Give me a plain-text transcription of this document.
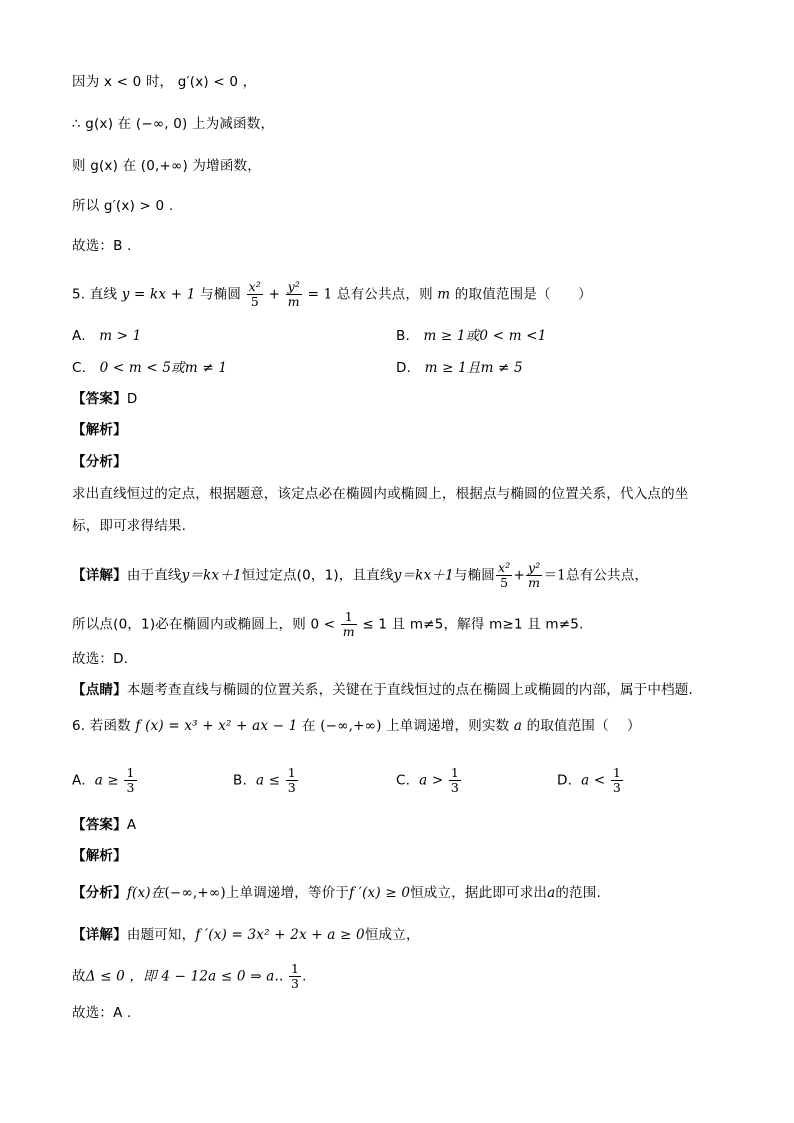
因为 x < 0 时， g′(x) < 0 ，
∴ g(x) 在 (−∞, 0) 上为减函数，
则 g(x) 在 (0,+∞) 为增函数，
所以 g′(x) > 0 .
故选：B .
5. 直线 y = kx + 1 与椭圆 $\frac{\text{x²}}{5} + \frac{\text{y²}}{m} = 1$ 总有公共点，则 m 的取值范围是（　　）
A. m > 1	B. m ≥ 1或0 < m <1
C. 0 < m < 5或m ≠ 1	D. m ≥ 1且m ≠ 5
【答案】D
【解析】
【分析】
求出直线恒过的定点，根据题意，该定点必在椭圆内或椭圆上，根据点与椭圆的位置关系，代入点的坐
标，即可求得结果.
【详解】由于直线y＝kx＋1恒过定点(0，1)，且直线y＝kx＋1与椭圆 $\frac{\text{x²}}{5} + \frac{\text{y²}}{m} =1$总有公共点，
所以点(0，1)必在椭圆内或椭圆上，则 $0 < \frac{1}{m} \le 1$ 且 m≠5，解得 m≥1 且 m≠5.
故选：D.
【点睛】本题考查直线与椭圆的位置关系，关键在于直线恒过的点在椭圆上或椭圆的内部，属于中档题.
6. 若函数 f (x) = x³ + x² + ax − 1 在 (−∞,+∞) 上单调递增，则实数 a 的取值范围（　 ）
A. $a \ge \frac{1}{3}$	B. $a \le \frac{1}{3}$	C. $a > \frac{1}{3}$	D. $a < \frac{1}{3}$
【答案】A
【解析】
【分析】f(x)在(−∞,+∞)上单调递增，等价于f ′(x) ≥ 0恒成立，据此即可求出a的范围.
【详解】由题可知，f ′(x) = 3x² + 2x + a ≥ 0恒成立，
故Δ ≤ 0 ，即 4 − 12a ≤ 0 ⇒ a.. $\frac{1}{3}$ .
故选：A .
